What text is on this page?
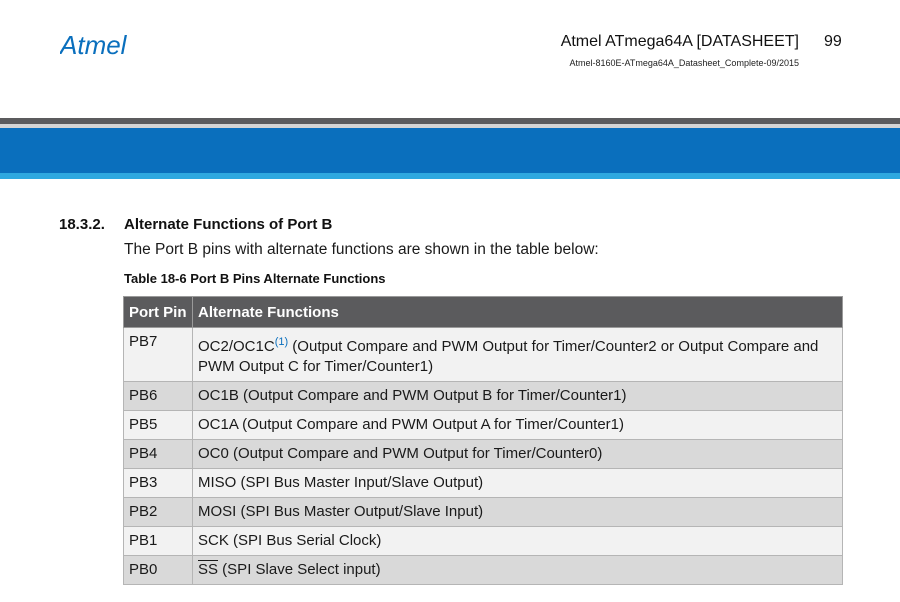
Atmel	Atmel ATmega64A [DATASHEET] 99
Atmel-8160E-ATmega64A_Datasheet_Complete-09/2015
18.3.2. Alternate Functions of Port B
The Port B pins with alternate functions are shown in the table below:
Table 18-6 Port B Pins Alternate Functions
Port Pin	Alternate Functions
PB7	OC2/OC1C$^{(1)}$ (Output Compare and PWM Output for Timer/Counter2 or Output Compare and PWM Output C for Timer/Counter1)
PB6	OC1B (Output Compare and PWM Output B for Timer/Counter1)
PB5	OC1A (Output Compare and PWM Output A for Timer/Counter1)
PB4	OC0 (Output Compare and PWM Output for Timer/Counter0)
PB3	MISO (SPI Bus Master Input/Slave Output)
PB2	MOSI (SPI Bus Master Output/Slave Input)
PB1	SCK (SPI Bus Serial Clock)
PB0	$\overline{SS}$ (SPI Slave Select input)
